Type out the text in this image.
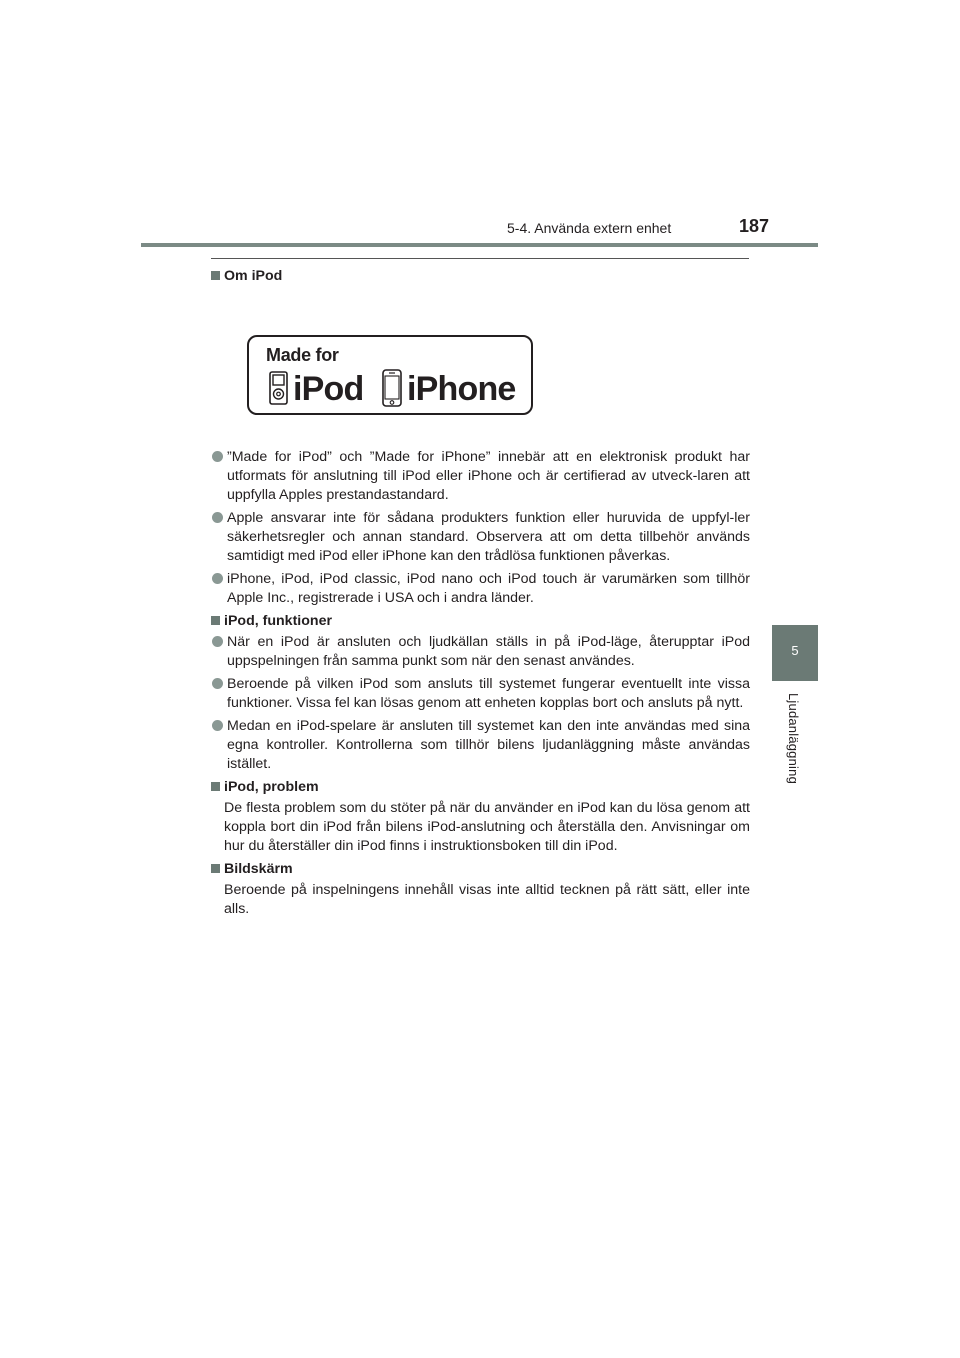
5-4. Använda extern enhet	187
5
Ljudanläggning
Made for
iPod iPhone
Om iPod
”Made for iPod” och ”Made for iPhone” innebär att en elektronisk produkt har utformats för anslutning till iPod eller iPhone och är certifierad av utveck-laren att uppfylla Apples prestandastandard.
Apple ansvarar inte för sådana produkters funktion eller huruvida de uppfyl-ler säkerhetsregler och annan standard. Observera att om detta tillbehör används samtidigt med iPod eller iPhone kan den trådlösa funktionen påverkas.
iPhone, iPod, iPod classic, iPod nano och iPod touch är varumärken som tillhör Apple Inc., registrerade i USA och i andra länder.
iPod, funktioner
När en iPod är ansluten och ljudkällan ställs in på iPod-läge, återupptar iPod uppspelningen från samma punkt som när den senast användes.
Beroende på vilken iPod som ansluts till systemet fungerar eventuellt inte vissa funktioner. Vissa fel kan lösas genom att enheten kopplas bort och ansluts på nytt.
Medan en iPod-spelare är ansluten till systemet kan den inte användas med sina egna kontroller. Kontrollerna som tillhör bilens ljudanläggning måste användas istället.
iPod, problem
De flesta problem som du stöter på när du använder en iPod kan du lösa genom att koppla bort din iPod från bilens iPod-anslutning och återställa den. Anvisningar om hur du återställer din iPod finns i instruktionsboken till din iPod.
Bildskärm
Beroende på inspelningens innehåll visas inte alltid tecknen på rätt sätt, eller inte alls.
